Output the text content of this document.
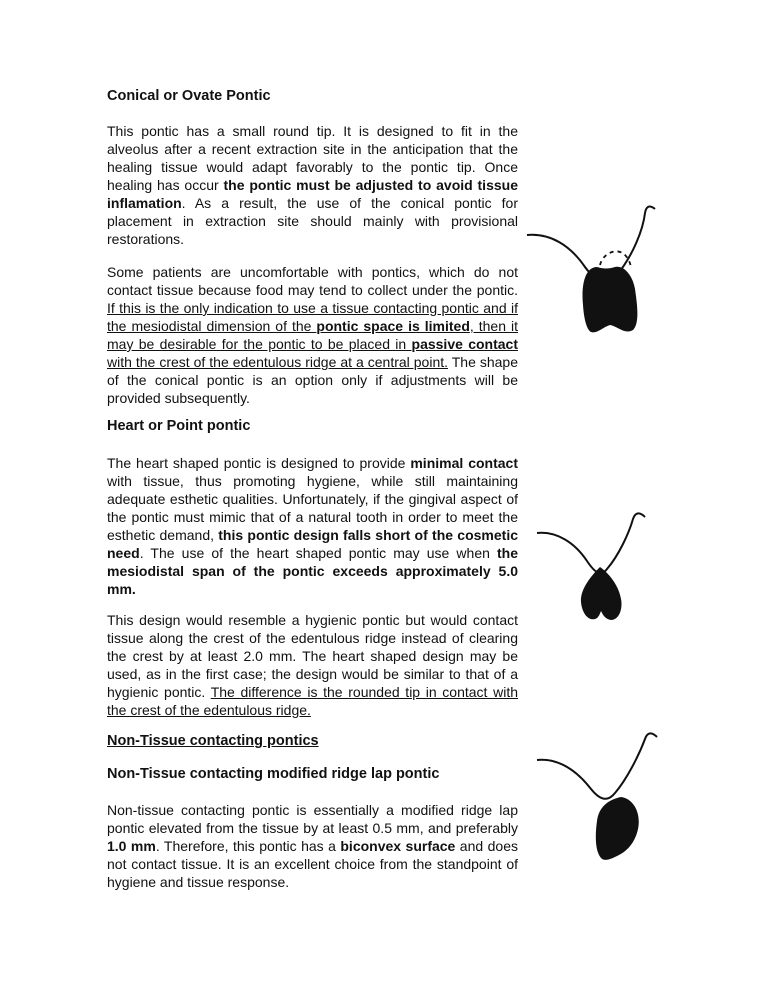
Conical or Ovate Pontic

This pontic has a small round tip. It is designed to fit in the alveolus after a recent extraction site in the anticipation that the healing tissue would adapt favorably to the pontic tip. Once healing has occur the pontic must be adjusted to avoid tissue inflamation. As a result, the use of the conical pontic for placement in extraction site should mainly with provisional restorations.

Some patients are uncomfortable with pontics, which do not contact tissue because food may tend to collect under the pontic. If this is the only indication to use a tissue contacting pontic and if the mesiodistal dimension of the pontic space is limited, then it may be desirable for the pontic to be placed in passive contact with the crest of the edentulous ridge at a central point. The shape of the conical pontic is an option only if adjustments will be provided subsequently.

Heart or Point pontic

The heart shaped pontic is designed to provide minimal contact with tissue, thus promoting hygiene, while still maintaining adequate esthetic qualities. Unfortunately, if the gingival aspect of the pontic must mimic that of a natural tooth in order to meet the esthetic demand, this pontic design falls short of the cosmetic need. The use of the heart shaped pontic may use when the mesiodistal span of the pontic exceeds approximately 5.0 mm.

This design would resemble a hygienic pontic but would contact tissue along the crest of the edentulous ridge instead of clearing the crest by at least 2.0 mm. The heart shaped design may be used, as in the first case; the design would be similar to that of a hygienic pontic. The difference is the rounded tip in contact with the crest of the edentulous ridge.

Non-Tissue contacting pontics
Non-Tissue contacting modified ridge lap pontic

Non-tissue contacting pontic is essentially a modified ridge lap pontic elevated from the tissue by at least 0.5 mm, and preferably 1.0 mm. Therefore, this pontic has a biconvex surface and does not contact tissue. It is an excellent choice from the standpoint of hygiene and tissue response.
